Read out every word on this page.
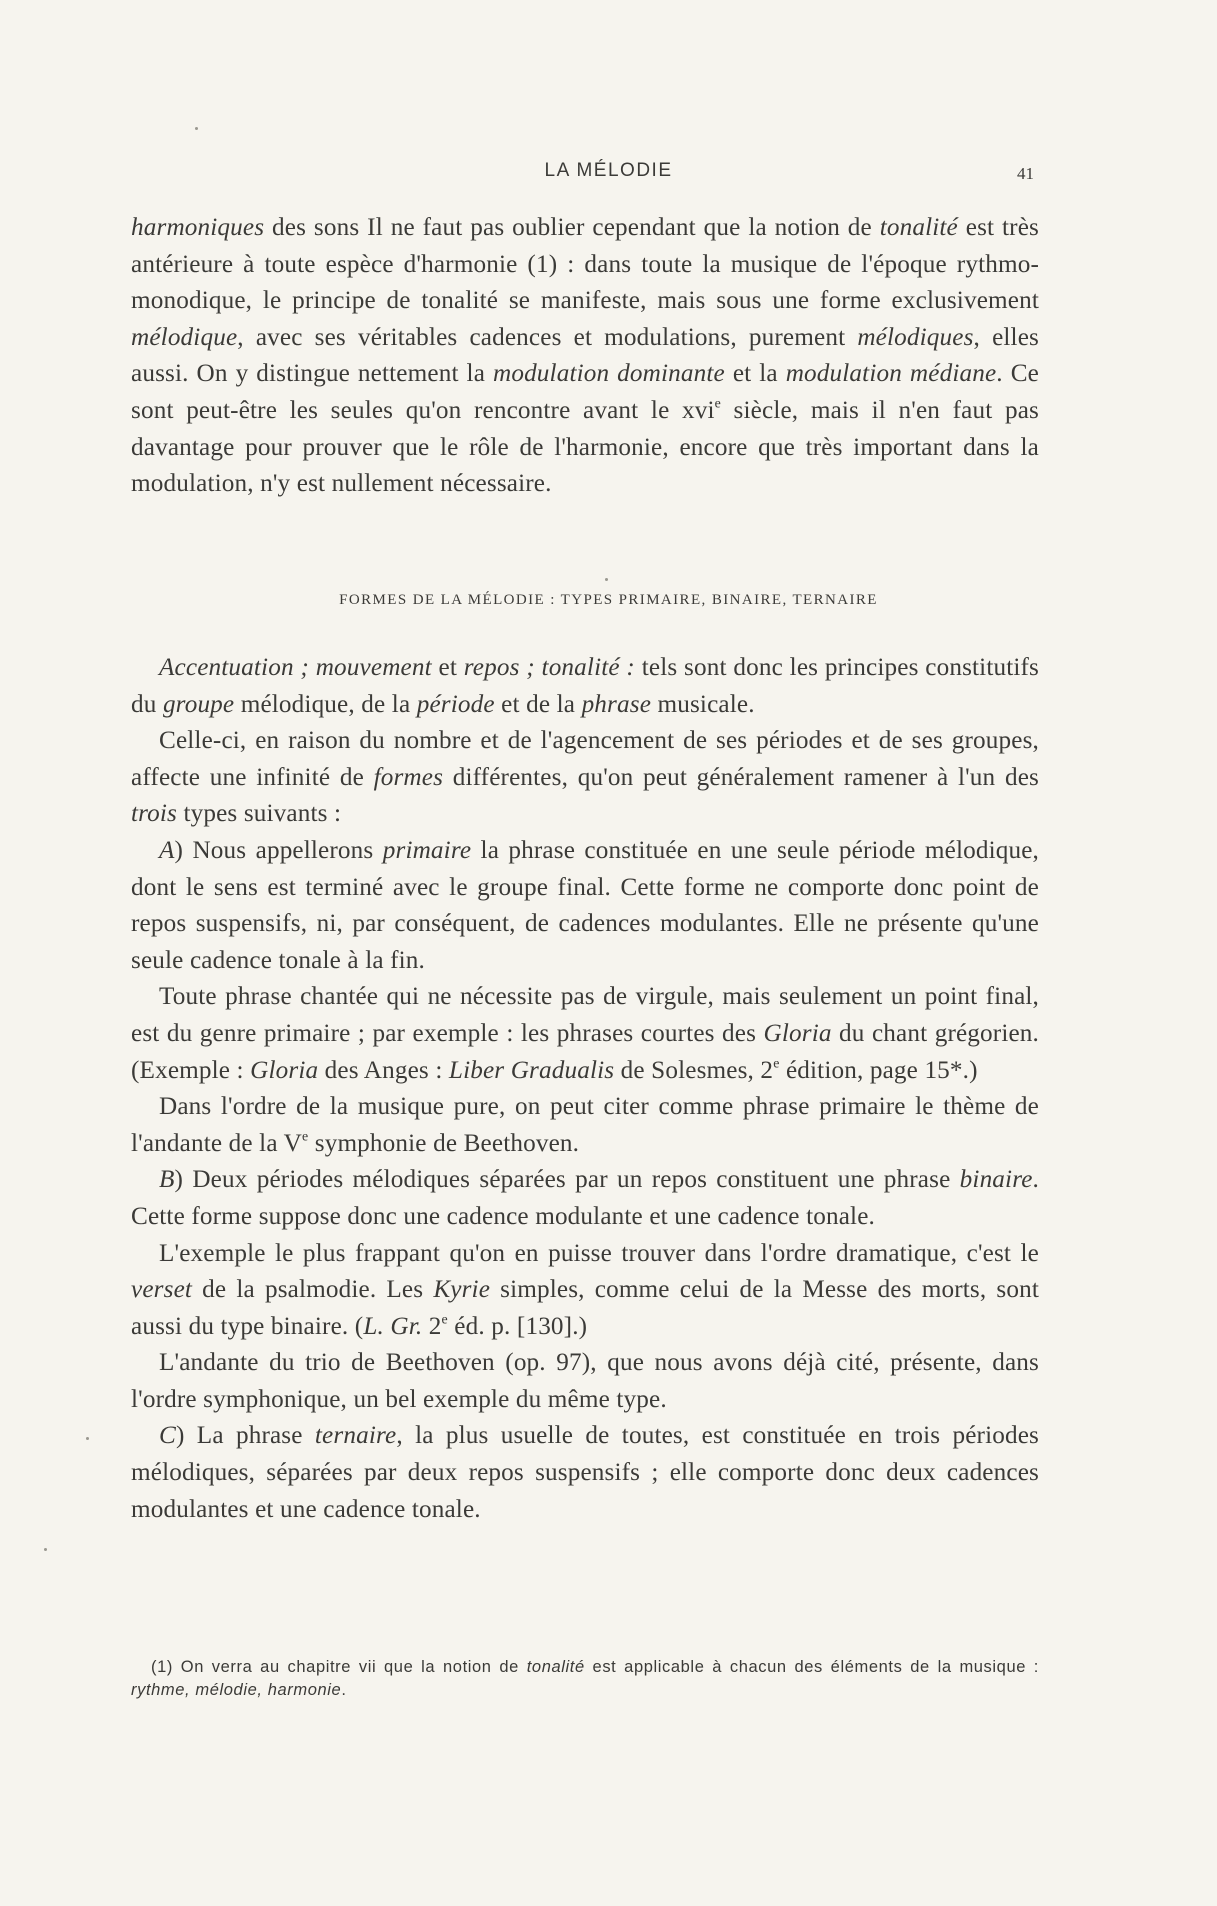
LA MÉLODIE	41

harmoniques des sons Il ne faut pas oublier cependant que la notion de tonalité est très antérieure à toute espèce d'harmonie (1) : dans toute la musique de l'époque rythmo-monodique, le principe de tonalité se manifeste, mais sous une forme exclusivement mélodique, avec ses véritables cadences et modulations, purement mélodiques, elles aussi. On y distingue nettement la modulation dominante et la modulation médiane. Ce sont peut-être les seules qu'on rencontre avant le xvi$^e$ siècle, mais il n'en faut pas davantage pour prouver que le rôle de l'harmonie, encore que très important dans la modulation, n'y est nullement nécessaire.

FORMES DE LA MÉLODIE : TYPES PRIMAIRE, BINAIRE, TERNAIRE

Accentuation ; mouvement et repos ; tonalité : tels sont donc les principes constitutifs du groupe mélodique, de la période et de la phrase musicale.

Celle-ci, en raison du nombre et de l'agencement de ses périodes et de ses groupes, affecte une infinité de formes différentes, qu'on peut généralement ramener à l'un des trois types suivants :

A) Nous appellerons primaire la phrase constituée en une seule période mélodique, dont le sens est terminé avec le groupe final. Cette forme ne comporte donc point de repos suspensifs, ni, par conséquent, de cadences modulantes. Elle ne présente qu'une seule cadence tonale à la fin.

Toute phrase chantée qui ne nécessite pas de virgule, mais seulement un point final, est du genre primaire ; par exemple : les phrases courtes des Gloria du chant grégorien. (Exemple : Gloria des Anges : Liber Gradualis de Solesmes, 2e édition, page 15*.)

Dans l'ordre de la musique pure, on peut citer comme phrase primaire le thème de l'andante de la Ve symphonie de Beethoven.

B) Deux périodes mélodiques séparées par un repos constituent une phrase binaire. Cette forme suppose donc une cadence modulante et une cadence tonale.

L'exemple le plus frappant qu'on en puisse trouver dans l'ordre dramatique, c'est le verset de la psalmodie. Les Kyrie simples, comme celui de la Messe des morts, sont aussi du type binaire. (L. Gr. 2e éd. p. [130].)

L'andante du trio de Beethoven (op. 97), que nous avons déjà cité, présente, dans l'ordre symphonique, un bel exemple du même type.

C) La phrase ternaire, la plus usuelle de toutes, est constituée en trois périodes mélodiques, séparées par deux repos suspensifs ; elle comporte donc deux cadences modulantes et une cadence tonale.

(1) On verra au chapitre vii que la notion de tonalité est applicable à chacun des éléments de la musique : rythme, mélodie, harmonie.
